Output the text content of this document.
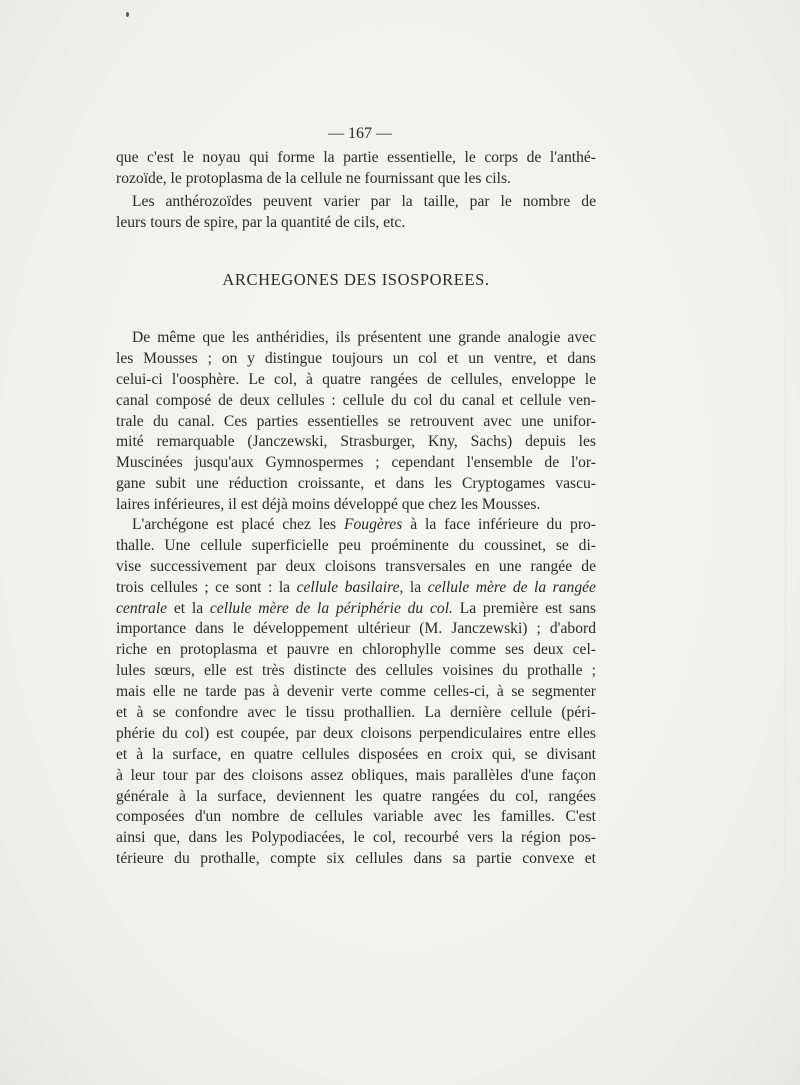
— 167 —
que c'est le noyau qui forme la partie essentielle, le corps de l'anthé-
rozoïde, le protoplasma de la cellule ne fournissant que les cils.
Les anthérozoïdes peuvent varier par la taille, par le nombre de
leurs tours de spire, par la quantité de cils, etc.
ARCHEGONES DES ISOSPOREES.
De même que les anthéridies, ils présentent une grande analogie avec
les Mousses ; on y distingue toujours un col et un ventre, et dans
celui-ci l'oosphère. Le col, à quatre rangées de cellules, enveloppe le
canal composé de deux cellules : cellule du col du canal et cellule ven-
trale du canal. Ces parties essentielles se retrouvent avec une unifor-
mité remarquable (Janczewski, Strasburger, Kny, Sachs) depuis les
Muscinées jusqu'aux Gymnospermes ; cependant l'ensemble de l'or-
gane subit une réduction croissante, et dans les Cryptogames vascu-
laires inférieures, il est déjà moins développé que chez les Mousses.
L'archégone est placé chez les Fougères à la face inférieure du pro-
thalle. Une cellule superficielle peu proéminente du coussinet, se di-
vise successivement par deux cloisons transversales en une rangée de
trois cellules ; ce sont : la cellule basilaire, la cellule mère de la rangée
centrale et la cellule mère de la périphérie du col. La première est sans
importance dans le développement ultérieur (M. Janczewski) ; d'abord
riche en protoplasma et pauvre en chlorophylle comme ses deux cel-
lules sœurs, elle est très distincte des cellules voisines du prothalle ;
mais elle ne tarde pas à devenir verte comme celles-ci, à se segmenter
et à se confondre avec le tissu prothallien. La dernière cellule (péri-
phérie du col) est coupée, par deux cloisons perpendiculaires entre elles
et à la surface, en quatre cellules disposées en croix qui, se divisant
à leur tour par des cloisons assez obliques, mais parallèles d'une façon
générale à la surface, deviennent les quatre rangées du col, rangées
composées d'un nombre de cellules variable avec les familles. C'est
ainsi que, dans les Polypodiacées, le col, recourbé vers la région pos-
térieure du prothalle, compte six cellules dans sa partie convexe et
